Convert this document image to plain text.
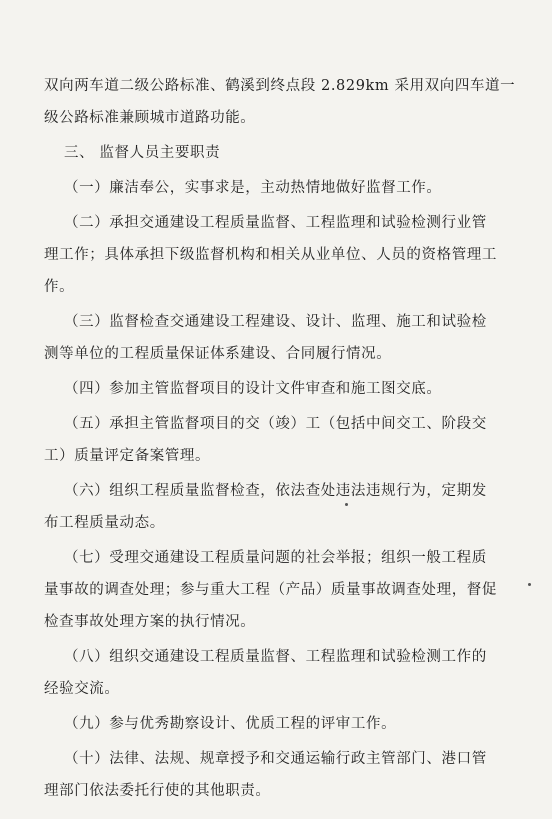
双向两车道二级公路标准、鹤溪到终点段 2.829km 采用双向四车道一
级公路标准兼顾城市道路功能。
三、 监督人员主要职责
（一）廉洁奉公，实事求是，主动热情地做好监督工作。
（二）承担交通建设工程质量监督、工程监理和试验检测行业管
理工作；具体承担下级监督机构和相关从业单位、人员的资格管理工
作。
（三）监督检查交通建设工程建设、设计、监理、施工和试验检
测等单位的工程质量保证体系建设、合同履行情况。
（四）参加主管监督项目的设计文件审查和施工图交底。
（五）承担主管监督项目的交（竣）工（包括中间交工、阶段交
工）质量评定备案管理。
（六）组织工程质量监督检查，依法查处违法违规行为，定期发
布工程质量动态。
（七）受理交通建设工程质量问题的社会举报；组织一般工程质
量事故的调查处理；参与重大工程（产品）质量事故调查处理，督促
检查事故处理方案的执行情况。
（八）组织交通建设工程质量监督、工程监理和试验检测工作的
经验交流。
（九）参与优秀勘察设计、优质工程的评审工作。
（十）法律、法规、规章授予和交通运输行政主管部门、港口管
理部门依法委托行使的其他职责。
